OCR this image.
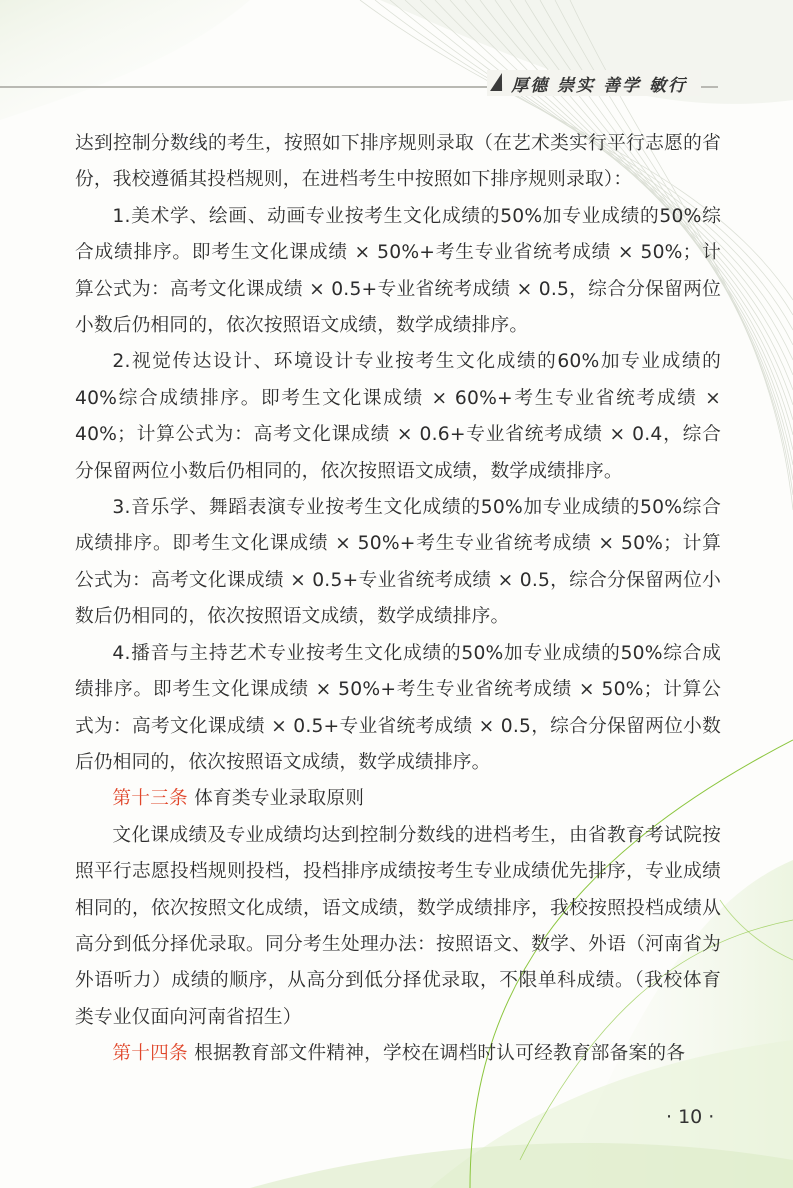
厚德 崇实 善学 敏行

达到控制分数线的考生，按照如下排序规则录取（在艺术类实行平行志愿的省份，我校遵循其投档规则，在进档考生中按照如下排序规则录取）：

1.美术学、绘画、动画专业按考生文化成绩的50%加专业成绩的50%综合成绩排序。即考生文化课成绩 × 50%+考生专业省统考成绩 × 50%；计算公式为：高考文化课成绩 × 0.5+专业省统考成绩 × 0.5，综合分保留两位小数后仍相同的，依次按照语文成绩，数学成绩排序。

2.视觉传达设计、环境设计专业按考生文化成绩的60%加专业成绩的40%综合成绩排序。即考生文化课成绩 × 60%+考生专业省统考成绩 × 40%；计算公式为：高考文化课成绩 × 0.6+专业省统考成绩 × 0.4，综合分保留两位小数后仍相同的，依次按照语文成绩，数学成绩排序。

3.音乐学、舞蹈表演专业按考生文化成绩的50%加专业成绩的50%综合成绩排序。即考生文化课成绩 × 50%+考生专业省统考成绩 × 50%；计算公式为：高考文化课成绩 × 0.5+专业省统考成绩 × 0.5，综合分保留两位小数后仍相同的，依次按照语文成绩，数学成绩排序。

4.播音与主持艺术专业按考生文化成绩的50%加专业成绩的50%综合成绩排序。即考生文化课成绩 × 50%+考生专业省统考成绩 × 50%；计算公式为：高考文化课成绩 × 0.5+专业省统考成绩 × 0.5，综合分保留两位小数后仍相同的，依次按照语文成绩，数学成绩排序。

第十三条 体育类专业录取原则

文化课成绩及专业成绩均达到控制分数线的进档考生，由省教育考试院按照平行志愿投档规则投档，投档排序成绩按考生专业成绩优先排序，专业成绩相同的，依次按照文化成绩，语文成绩，数学成绩排序，我校按照投档成绩从高分到低分择优录取。同分考生处理办法：按照语文、数学、外语（河南省为外语听力）成绩的顺序，从高分到低分择优录取，不限单科成绩。（我校体育类专业仅面向河南省招生）

第十四条 根据教育部文件精神，学校在调档时认可经教育部备案的各

· 10 ·
